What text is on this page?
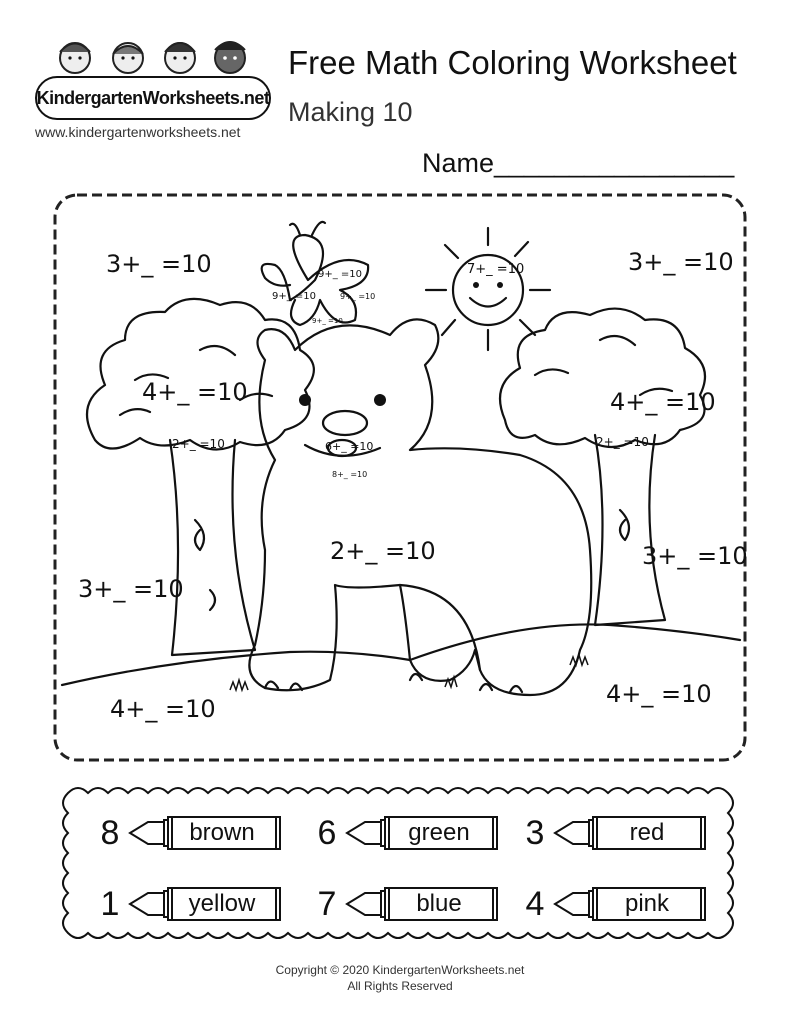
KindergartenWorksheets.net
www.kindergartenworksheets.net
Free Math Coloring Worksheet
Making 10
Name________________
3+_ =10	3+_ =10
4+_ =10	4+_ =10
2+_ =10	3+_ =10
3+_ =10
4+_ =10
4+_ =10
7+_ =10
9+_ =10
9+_ =10	9+_ =10
9+_ =10
2+_ =10	2+_ =10
6+_ =10
8+_ =10
8	brown	6	green	3	red
1	yellow	7	blue	4	pink
Copyright © 2020 KindergartenWorksheets.net
All Rights Reserved
